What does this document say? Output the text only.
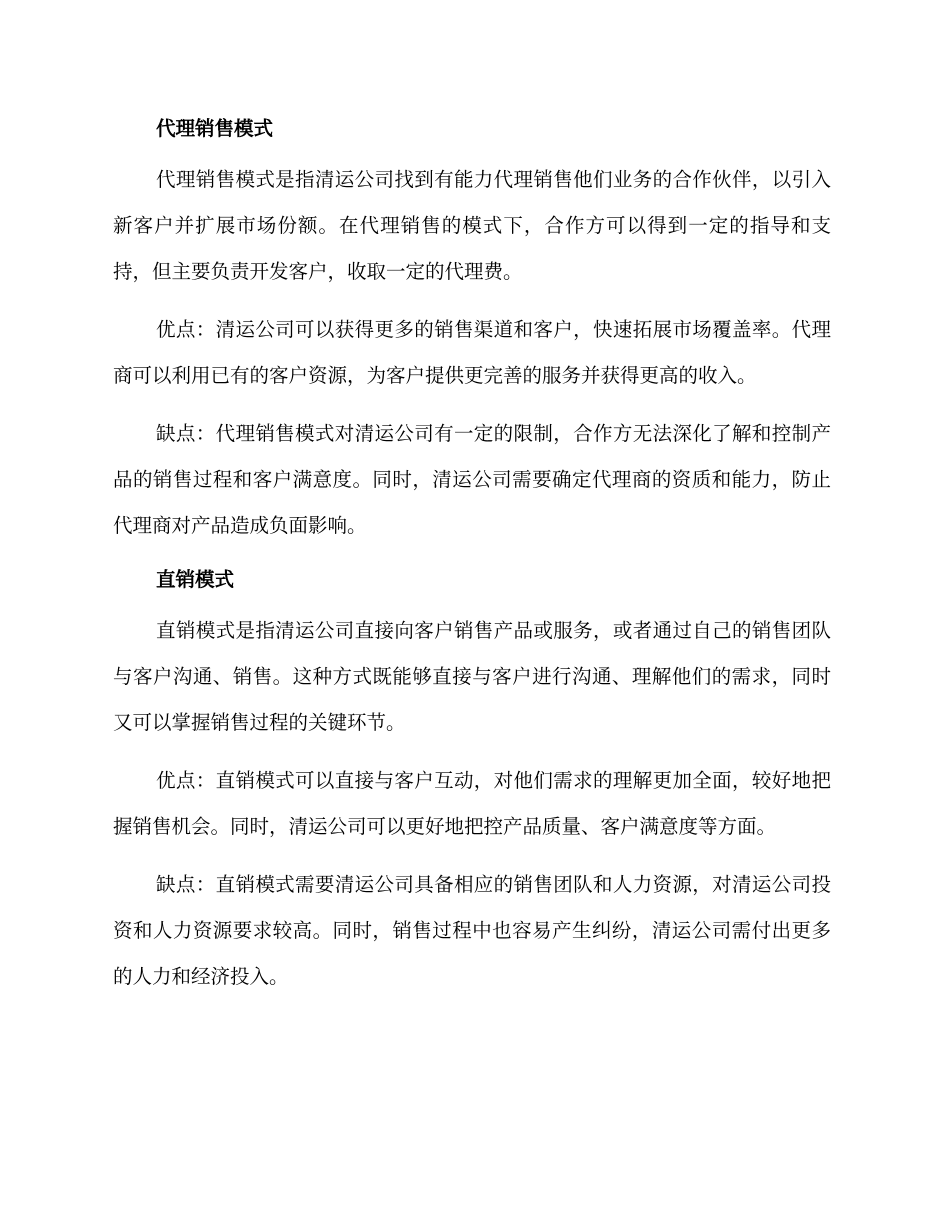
代理销售模式

代理销售模式是指清运公司找到有能力代理销售他们业务的合作伙伴，以引入新客户并扩展市场份额。在代理销售的模式下，合作方可以得到一定的指导和支持，但主要负责开发客户，收取一定的代理费。

优点：清运公司可以获得更多的销售渠道和客户，快速拓展市场覆盖率。代理商可以利用已有的客户资源，为客户提供更完善的服务并获得更高的收入。

缺点：代理销售模式对清运公司有一定的限制，合作方无法深化了解和控制产品的销售过程和客户满意度。同时，清运公司需要确定代理商的资质和能力，防止代理商对产品造成负面影响。

直销模式

直销模式是指清运公司直接向客户销售产品或服务，或者通过自己的销售团队与客户沟通、销售。这种方式既能够直接与客户进行沟通、理解他们的需求，同时又可以掌握销售过程的关键环节。

优点：直销模式可以直接与客户互动，对他们需求的理解更加全面，较好地把握销售机会。同时，清运公司可以更好地把控产品质量、客户满意度等方面。

缺点：直销模式需要清运公司具备相应的销售团队和人力资源，对清运公司投资和人力资源要求较高。同时，销售过程中也容易产生纠纷，清运公司需付出更多的人力和经济投入。
